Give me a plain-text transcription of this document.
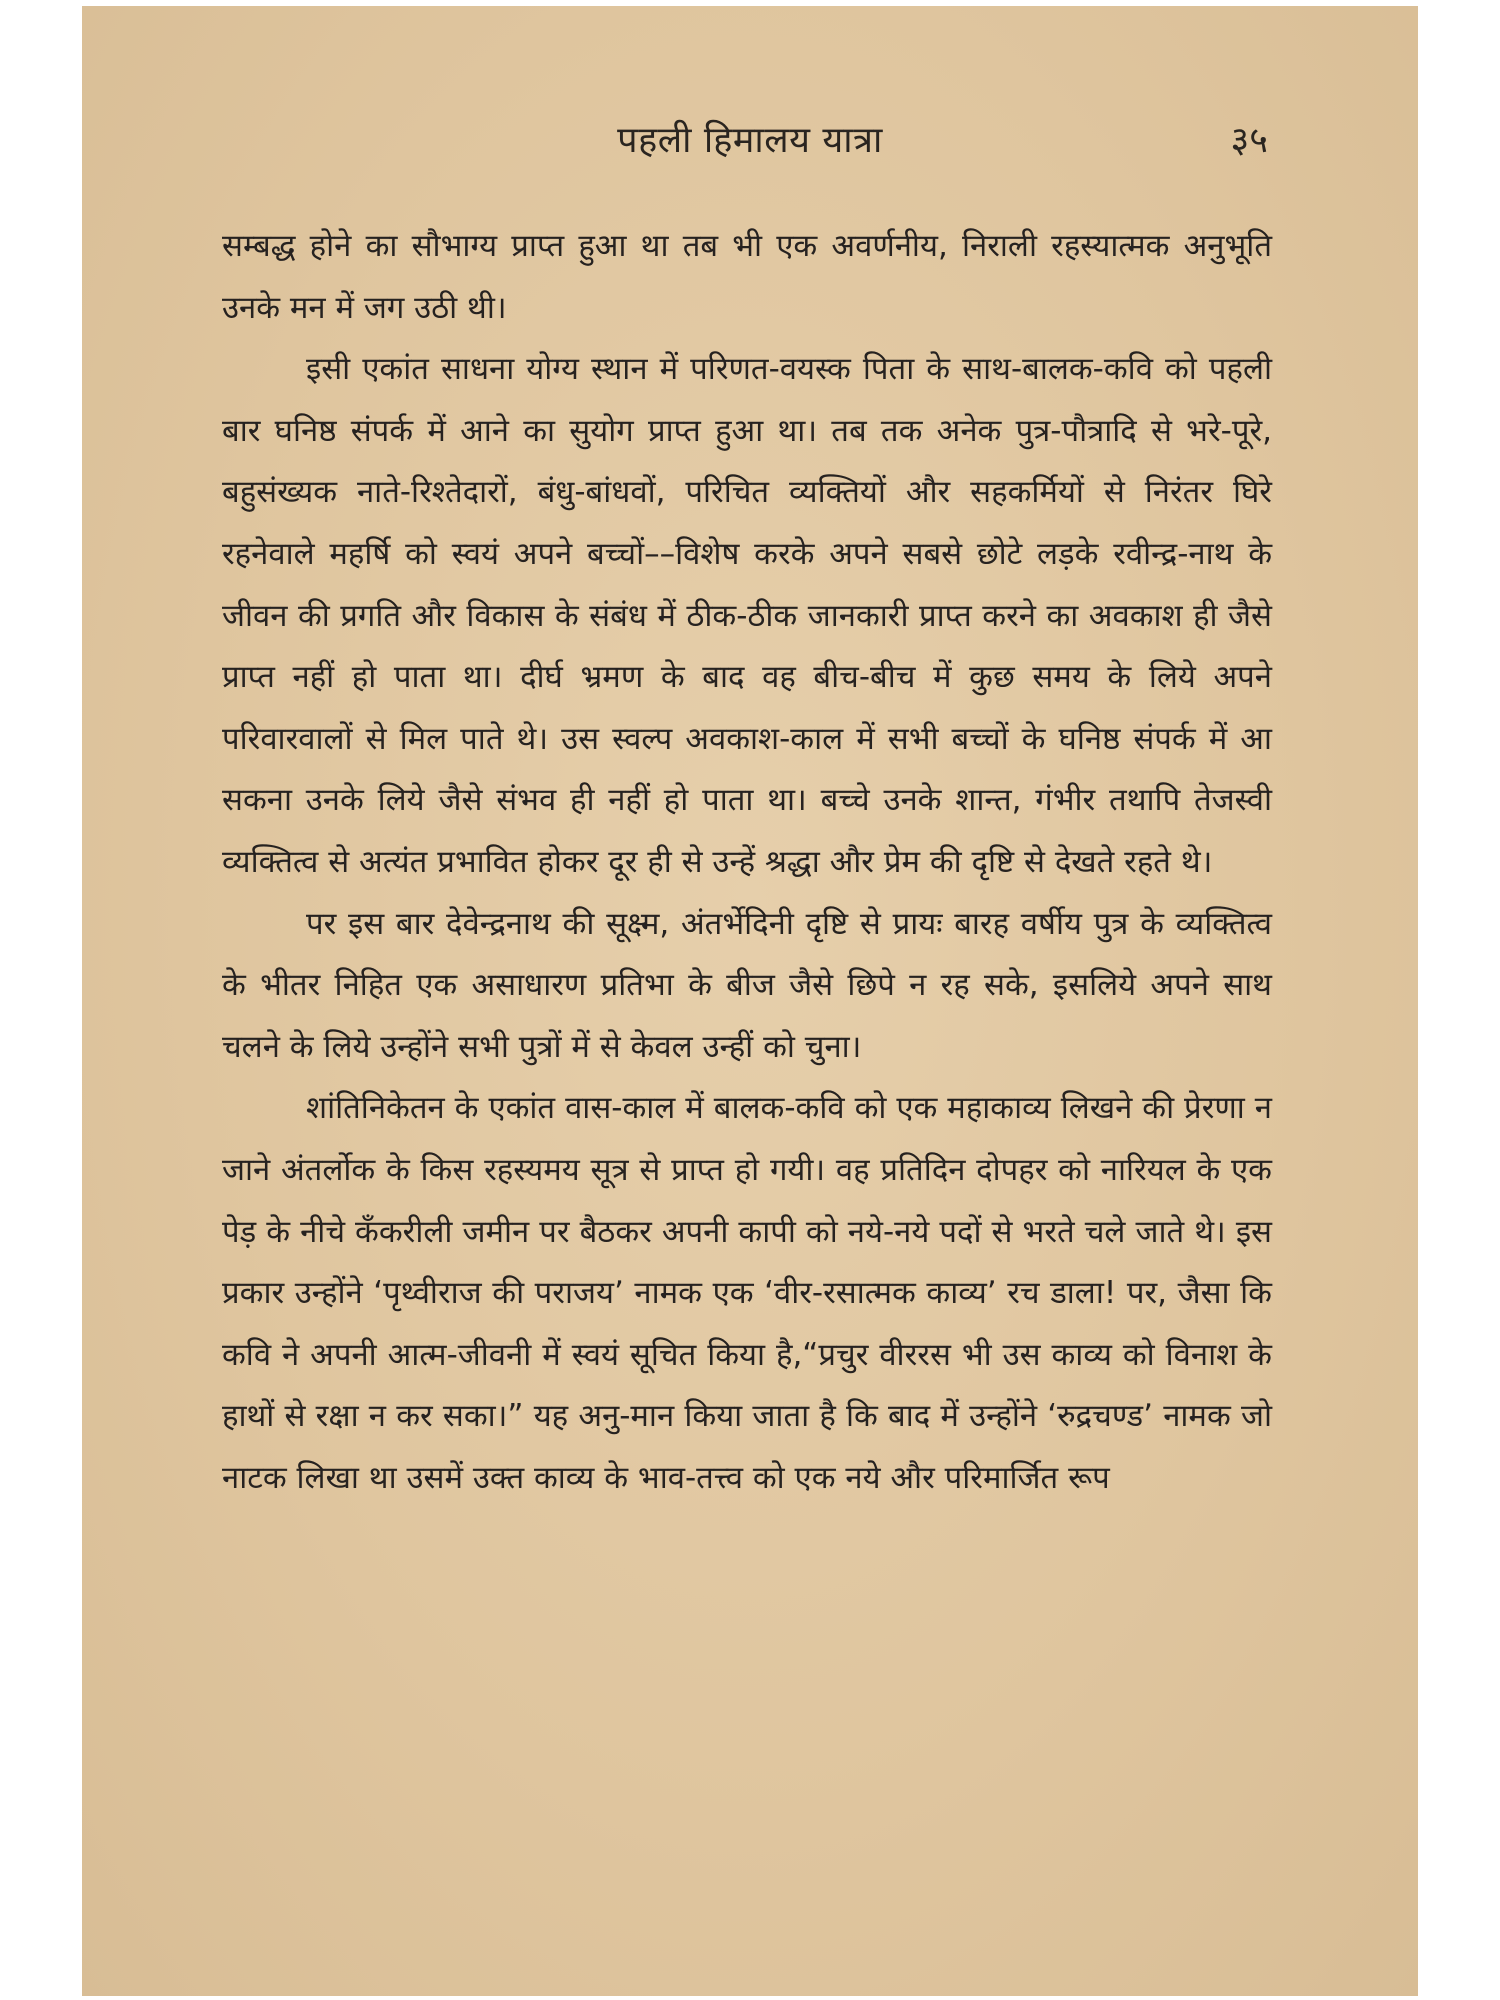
पहली हिमालय यात्रा	३५

सम्बद्ध होने का सौभाग्य प्राप्त हुआ था तब भी एक अवर्णनीय, निराली रहस्यात्मक अनुभूति उनके मन में जग उठी थी।

इसी एकांत साधना योग्य स्थान में परिणत-वयस्क पिता के साथ-बालक-कवि को पहली बार घनिष्ठ संपर्क में आने का सुयोग प्राप्त हुआ था। तब तक अनेक पुत्र-पौत्रादि से भरे-पूरे, बहुसंख्यक नाते-रिश्तेदारों, बंधु-बांधवों, परिचित व्यक्तियों और सहकर्मियों से निरंतर घिरे रहनेवाले महर्षि को स्वयं अपने बच्चों––विशेष करके अपने सबसे छोटे लड़के रवीन्द्र-नाथ के जीवन की प्रगति और विकास के संबंध में ठीक-ठीक जानकारी प्राप्त करने का अवकाश ही जैसे प्राप्त नहीं हो पाता था। दीर्घ भ्रमण के बाद वह बीच-बीच में कुछ समय के लिये अपने परिवारवालों से मिल पाते थे। उस स्वल्प अवकाश-काल में सभी बच्चों के घनिष्ठ संपर्क में आ सकना उनके लिये जैसे संभव ही नहीं हो पाता था। बच्चे उनके शान्त, गंभीर तथापि तेजस्वी व्यक्तित्व से अत्यंत प्रभावित होकर दूर ही से उन्हें श्रद्धा और प्रेम की दृष्टि से देखते रहते थे।

पर इस बार देवेन्द्रनाथ की सूक्ष्म, अंतर्भेदिनी दृष्टि से प्रायः बारह वर्षीय पुत्र के व्यक्तित्व के भीतर निहित एक असाधारण प्रतिभा के बीज जैसे छिपे न रह सके, इसलिये अपने साथ चलने के लिये उन्होंने सभी पुत्रों में से केवल उन्हीं को चुना।

शांतिनिकेतन के एकांत वास-काल में बालक-कवि को एक महाकाव्य लिखने की प्रेरणा न जाने अंतर्लोक के किस रहस्यमय सूत्र से प्राप्त हो गयी। वह प्रतिदिन दोपहर को नारियल के एक पेड़ के नीचे कँकरीली जमीन पर बैठकर अपनी कापी को नये-नये पदों से भरते चले जाते थे। इस प्रकार उन्होंने ‘पृथ्वीराज की पराजय’ नामक एक ‘वीर-रसात्मक काव्य’ रच डाला! पर, जैसा कि कवि ने अपनी आत्म-जीवनी में स्वयं सूचित किया है,“प्रचुर वीररस भी उस काव्य को विनाश के हाथों से रक्षा न कर सका।” यह अनु-मान किया जाता है कि बाद में उन्होंने ‘रुद्रचण्ड’ नामक जो नाटक लिखा था उसमें उक्त काव्य के भाव-तत्त्व को एक नये और परिमार्जित रूप
